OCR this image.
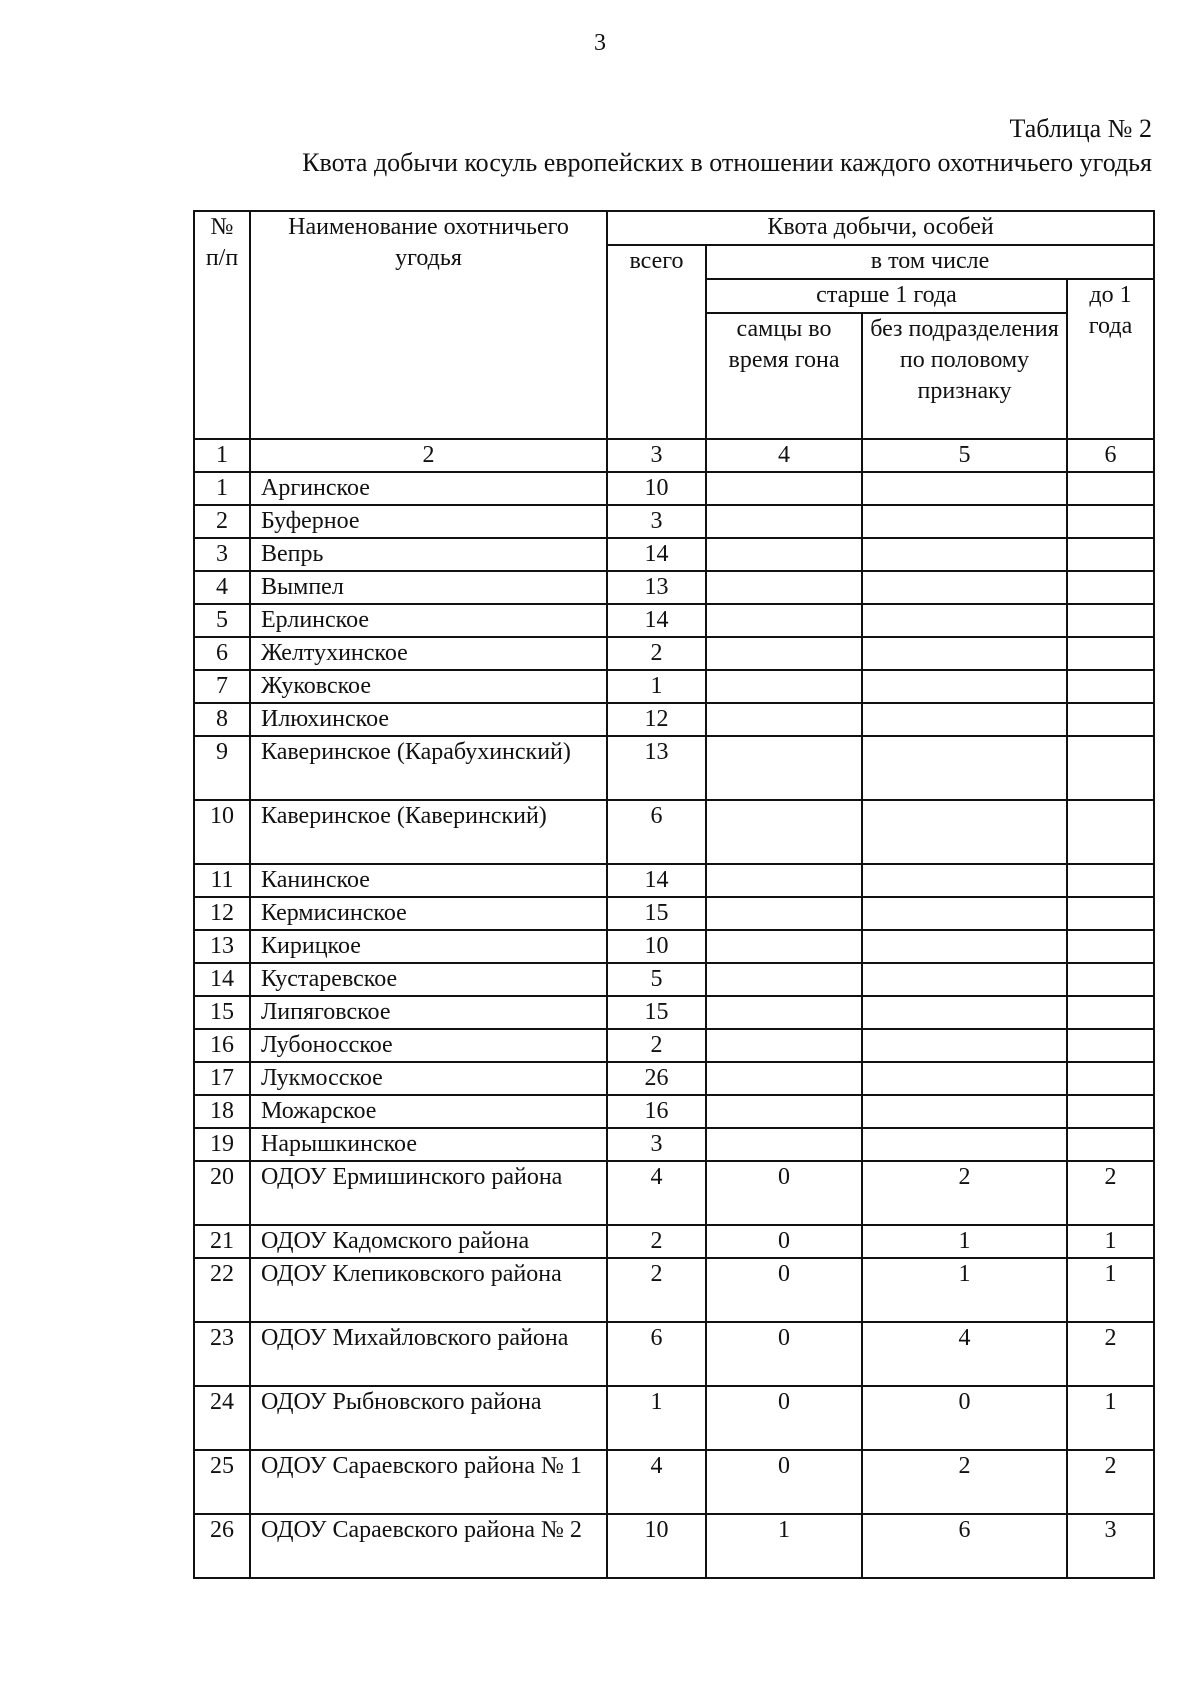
3
Таблица № 2
Квота добычи косуль европейских в отношении каждого охотничьего угодья
№ п/п	Наименование охотничьего угодья	Квота добычи, особей			
		всего	в том числе		
			старше 1 года		до 1 года
			самцы во время гона	без подразделения по половому признаку	
1	2	3	4	5	6
1	Аргинское	10			
2	Буферное	3			
3	Вепрь	14			
4	Вымпел	13			
5	Ерлинское	14			
6	Желтухинское	2			
7	Жуковское	1			
8	Илюхинское	12			
9	Каверинское (Карабухинский)	13			
10	Каверинское (Каверинский)	6			
11	Канинское	14			
12	Кермисинское	15			
13	Кирицкое	10			
14	Кустаревское	5			
15	Липяговское	15			
16	Лубоносское	2			
17	Лукмосское	26			
18	Можарское	16			
19	Нарышкинское	3			
20	ОДОУ Ермишинского района	4	0	2	2
21	ОДОУ Кадомского района	2	0	1	1
22	ОДОУ Клепиковского района	2	0	1	1
23	ОДОУ Михайловского района	6	0	4	2
24	ОДОУ Рыбновского района	1	0	0	1
25	ОДОУ Сараевского района № 1	4	0	2	2
26	ОДОУ Сараевского района № 2	10	1	6	3
